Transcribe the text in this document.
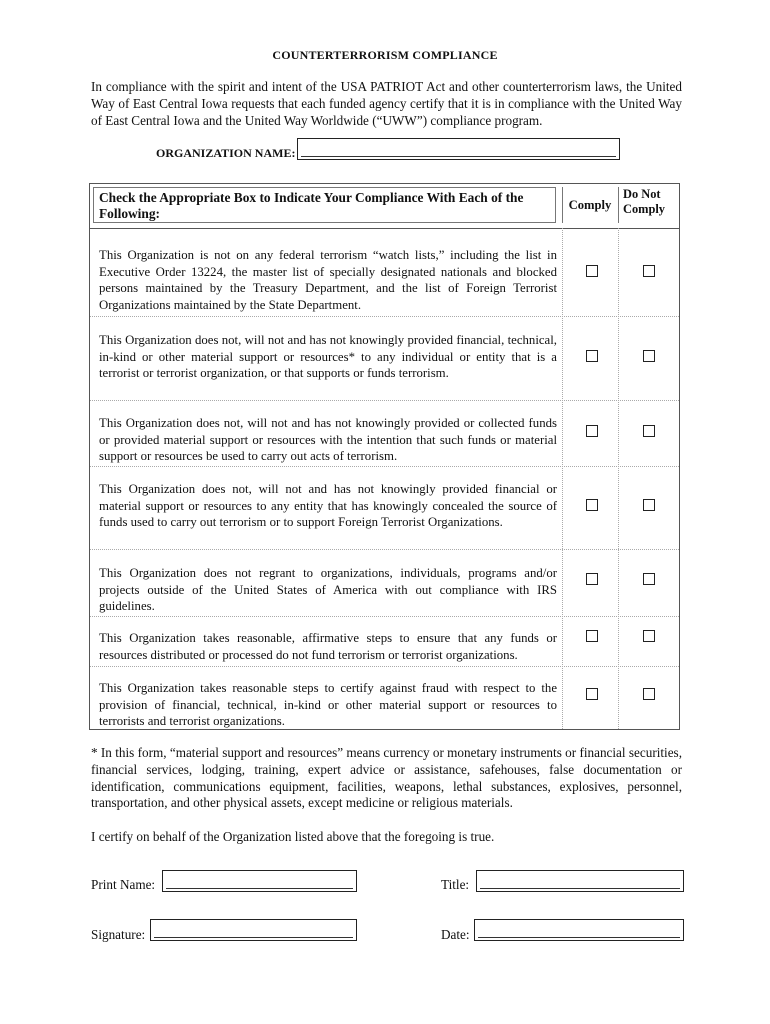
COUNTERTERRORISM COMPLIANCE
In compliance with the spirit and intent of the USA PATRIOT Act and other counterterrorism laws, the United Way of East Central Iowa requests that each funded agency certify that it is in compliance with the United Way of East Central Iowa and the United Way Worldwide (“UWW”) compliance program.
ORGANIZATION NAME:
Check the Appropriate Box to Indicate Your Compliance With Each of the Following:
Comply
Do Not Comply
This Organization is not on any federal terrorism “watch lists,” including the list in Executive Order 13224, the master list of specially designated nationals and blocked persons maintained by the Treasury Department, and the list of Foreign Terrorist Organizations maintained by the State Department.
This Organization does not, will not and has not knowingly provided financial, technical, in-kind or other material support or resources* to any individual or entity that is a terrorist or terrorist organization, or that supports or funds terrorism.
This Organization does not, will not and has not knowingly provided or collected funds or provided material support or resources with the intention that such funds or material support or resources be used to carry out acts of terrorism.
This Organization does not, will not and has not knowingly provided financial or material support or resources to any entity that has knowingly concealed the source of funds used to carry out terrorism or to support Foreign Terrorist Organizations.
This Organization does not regrant to organizations, individuals, programs and/or projects outside of the United States of America with out compliance with IRS guidelines.
This Organization takes reasonable, affirmative steps to ensure that any funds or resources distributed or processed do not fund terrorism or terrorist organizations.
This Organization takes reasonable steps to certify against fraud with respect to the provision of financial, technical, in-kind or other material support or resources to terrorists and terrorist organizations.
* In this form, “material support and resources” means currency or monetary instruments or financial securities, financial services, lodging, training, expert advice or assistance, safehouses, false documentation or identification, communications equipment, facilities, weapons, lethal substances, explosives, personnel, transportation, and other physical assets, except medicine or religious materials.
I certify on behalf of the Organization listed above that the foregoing is true.
Print Name:	Title:
Signature:	Date:
